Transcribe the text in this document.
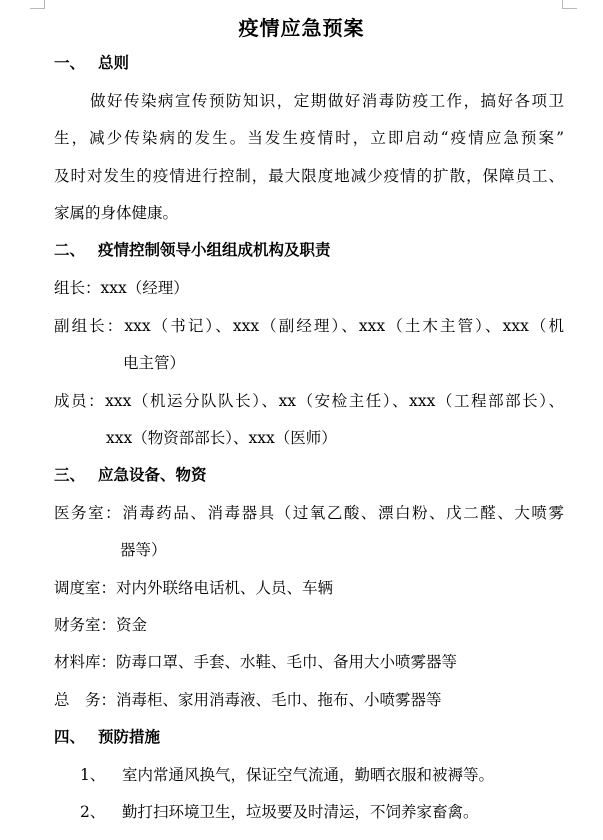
疫情应急预案
一、 总则
做好传染病宣传预防知识，定期做好消毒防疫工作，搞好各项卫
生，减少传染病的发生。当发生疫情时，立即启动“疫情应急预案”
及时对发生的疫情进行控制，最大限度地减少疫情的扩散，保障员工、
家属的身体健康。
二、 疫情控制领导小组组成机构及职责
组长：xxx（经理）
副组长：xxx（书记）、xxx（副经理）、xxx（土木主管）、xxx（机
电主管）
成员：xxx（机运分队队长）、xx（安检主任）、xxx（工程部部长）、
xxx（物资部部长）、xxx（医师）
三、 应急设备、物资
医务室：消毒药品、消毒器具（过氧乙酸、漂白粉、戊二醛、大喷雾
器等）
调度室：对内外联络电话机、人员、车辆
财务室：资金
材料库：防毒口罩、手套、水鞋、毛巾、备用大小喷雾器等
总　务：消毒柜、家用消毒液、毛巾、拖布、小喷雾器等
四、 预防措施
1、 室内常通风换气，保证空气流通，勤晒衣服和被褥等。
2、 勤打扫环境卫生，垃圾要及时清运，不饲养家畜禽。
